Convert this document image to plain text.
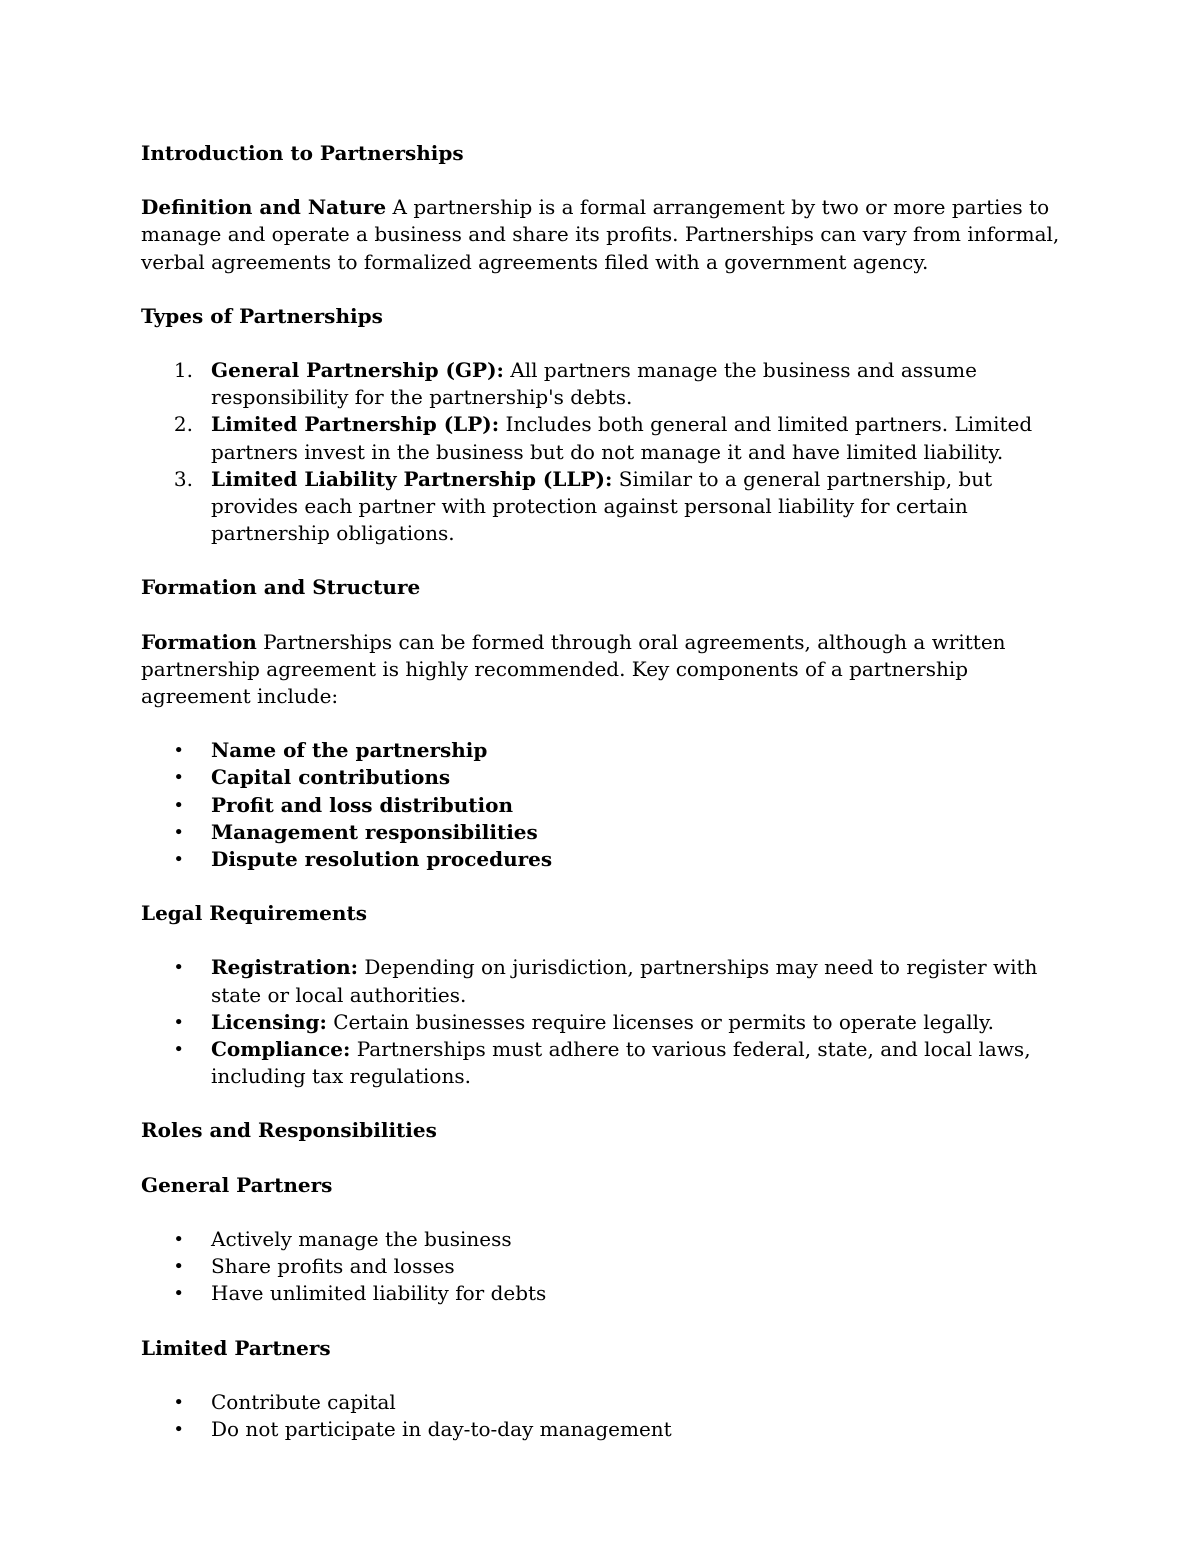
Introduction to Partnerships

Definition and Nature A partnership is a formal arrangement by two or more parties to manage and operate a business and share its profits. Partnerships can vary from informal, verbal agreements to formalized agreements filed with a government agency.

Types of Partnerships
1. General Partnership (GP): All partners manage the business and assume responsibility for the partnership's debts.
2. Limited Partnership (LP): Includes both general and limited partners. Limited partners invest in the business but do not manage it and have limited liability.
3. Limited Liability Partnership (LLP): Similar to a general partnership, but provides each partner with protection against personal liability for certain partnership obligations.
Formation and Structure

Formation Partnerships can be formed through oral agreements, although a written partnership agreement is highly recommended. Key components of a partnership agreement include:

• Name of the partnership
• Capital contributions
• Profit and loss distribution
• Management responsibilities
• Dispute resolution procedures
Legal Requirements
• Registration: Depending on jurisdiction, partnerships may need to register with state or local authorities.
• Licensing: Certain businesses require licenses or permits to operate legally.
• Compliance: Partnerships must adhere to various federal, state, and local laws, including tax regulations.
Roles and Responsibilities
General Partners
• Actively manage the business
• Share profits and losses
• Have unlimited liability for debts
Limited Partners
• Contribute capital
• Do not participate in day-to-day management
